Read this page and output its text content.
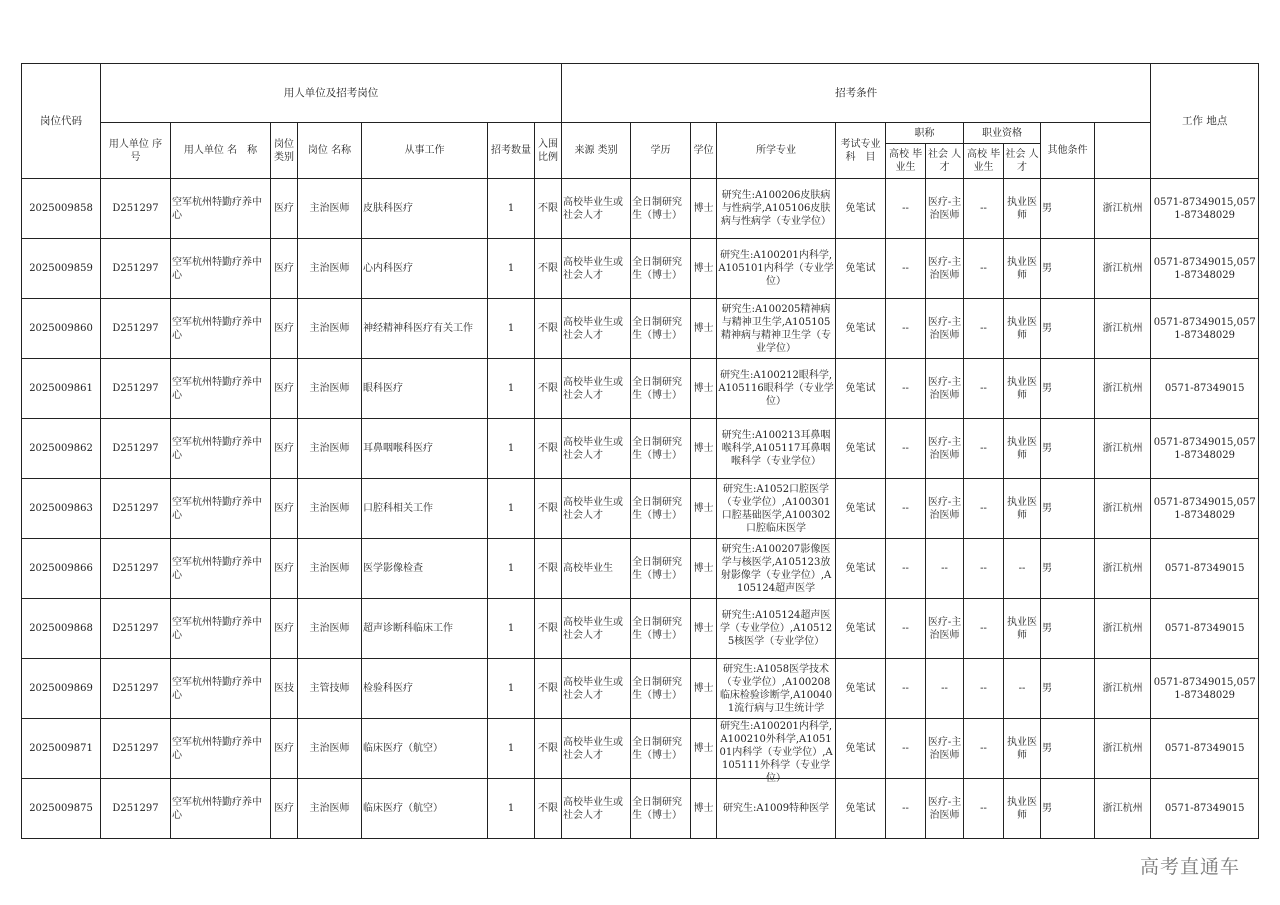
岗位代码	用人单位及招考岗位							招考条件											工作 地点	
	用人单位 序　号	用人单位 名　称	岗位 类别	岗位 名称	从事工作	招考数量	入围 比例	来源 类别	学历	学位	所学专业	考试专业 科　目	职称		职业资格		其他条件			
													高校 毕业生	社会 人才	高校 毕业生	社会 人才				
2025009858	D251297	空军杭州特勤疗养中心	医疗	主治医师	皮肤科医疗	1	不限	高校毕业生或社会人才	全日制研究生（博士）	博士	研究生:A100206皮肤病与性病学,A105106皮肤病与性病学（专业学位）	免笔试	--	医疗-主治医师	--	执业医师	男	浙江杭州	0571-87349015,0571-87348029	
2025009859	D251297	空军杭州特勤疗养中心	医疗	主治医师	心内科医疗	1	不限	高校毕业生或社会人才	全日制研究生（博士）	博士	研究生:A100201内科学,A105101内科学（专业学位）	免笔试	--	医疗-主治医师	--	执业医师	男	浙江杭州	0571-87349015,0571-87348029	
2025009860	D251297	空军杭州特勤疗养中心	医疗	主治医师	神经精神科医疗有关工作	1	不限	高校毕业生或社会人才	全日制研究生（博士）	博士	研究生:A100205精神病与精神卫生学,A105105精神病与精神卫生学（专业学位）	免笔试	--	医疗-主治医师	--	执业医师	男	浙江杭州	0571-87349015,0571-87348029	
2025009861	D251297	空军杭州特勤疗养中心	医疗	主治医师	眼科医疗	1	不限	高校毕业生或社会人才	全日制研究生（博士）	博士	研究生:A100212眼科学,A105116眼科学（专业学位）	免笔试	--	医疗-主治医师	--	执业医师	男	浙江杭州	0571-87349015	
2025009862	D251297	空军杭州特勤疗养中心	医疗	主治医师	耳鼻咽喉科医疗	1	不限	高校毕业生或社会人才	全日制研究生（博士）	博士	研究生:A100213耳鼻咽喉科学,A105117耳鼻咽喉科学（专业学位）	免笔试	--	医疗-主治医师	--	执业医师	男	浙江杭州	0571-87349015,0571-87348029	
2025009863	D251297	空军杭州特勤疗养中心	医疗	主治医师	口腔科相关工作	1	不限	高校毕业生或社会人才	全日制研究生（博士）	博士	研究生:A1052口腔医学（专业学位）,A100301口腔基础医学,A100302口腔临床医学	免笔试	--	医疗-主治医师	--	执业医师	男	浙江杭州	0571-87349015,0571-87348029	
2025009866	D251297	空军杭州特勤疗养中心	医疗	主治医师	医学影像检查	1	不限	高校毕业生	全日制研究生（博士）	博士	研究生:A100207影像医学与核医学,A105123放射影像学（专业学位）,A105124超声医学	免笔试	--	--	--	--	男	浙江杭州	0571-87349015	
2025009868	D251297	空军杭州特勤疗养中心	医疗	主治医师	超声诊断科临床工作	1	不限	高校毕业生或社会人才	全日制研究生（博士）	博士	研究生:A105124超声医学（专业学位）,A105125核医学（专业学位）	免笔试	--	医疗-主治医师	--	执业医师	男	浙江杭州	0571-87349015	
2025009869	D251297	空军杭州特勤疗养中心	医技	主管技师	检验科医疗	1	不限	高校毕业生或社会人才	全日制研究生（博士）	博士	研究生:A1058医学技术（专业学位）,A100208临床检验诊断学,A100401流行病与卫生统计学	免笔试	--	--	--	--	男	浙江杭州	0571-87349015,0571-87348029	
2025009871	D251297	空军杭州特勤疗养中心	医疗	主治医师	临床医疗（航空）	1	不限	高校毕业生或社会人才	全日制研究生（博士）	博士	研究生:A100201内科学,A100210外科学,A105101内科学（专业学位）,A105111外科学（专业学位）	免笔试	--	医疗-主治医师	--	执业医师	男	浙江杭州	0571-87349015	
2025009875	D251297	空军杭州特勤疗养中心	医疗	主治医师	临床医疗（航空）	1	不限	高校毕业生或社会人才	全日制研究生（博士）	博士	研究生:A1009特种医学	免笔试	--	医疗-主治医师	--	执业医师	男	浙江杭州	0571-87349015	
高考直通车
